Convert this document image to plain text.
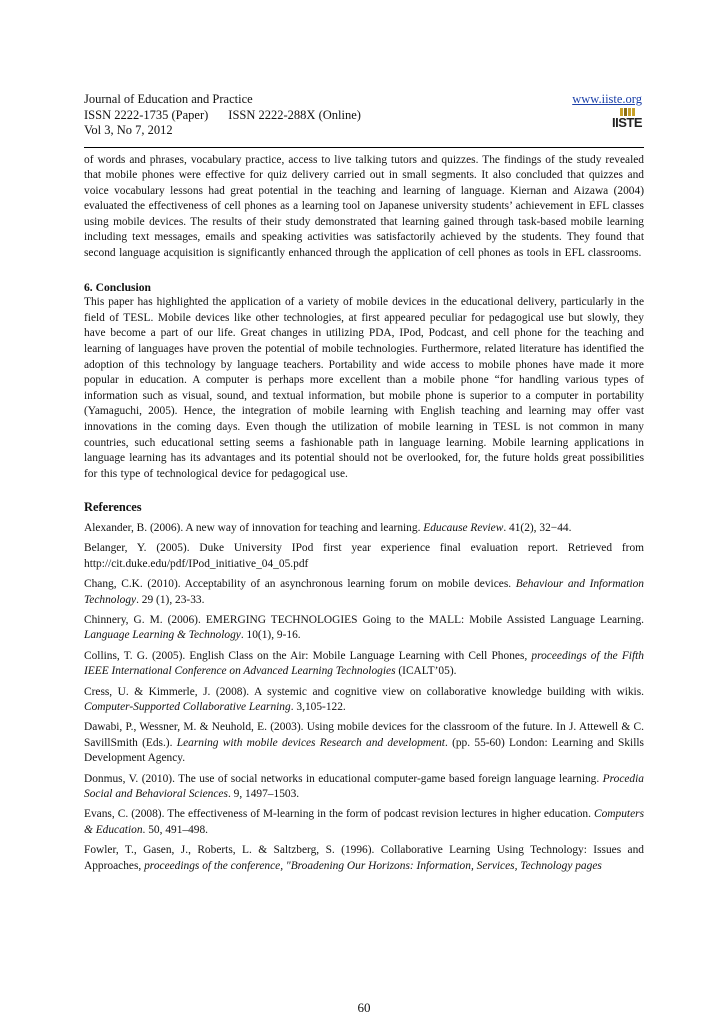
Journal of Education and Practice	www.iiste.org
ISSN 2222-1735 (Paper) ISSN 2222-288X (Online)
Vol 3, No 7, 2012	IISTE

of words and phrases, vocabulary practice, access to live talking tutors and quizzes. The findings of the study revealed that mobile phones were effective for quiz delivery carried out in small segments. It also concluded that quizzes and voice vocabulary lessons had great potential in the teaching and learning of language. Kiernan and Aizawa (2004) evaluated the effectiveness of cell phones as a learning tool on Japanese university students’ achievement in EFL classes using mobile devices. The results of their study demonstrated that learning gained through task-based mobile learning including text messages, emails and speaking activities was satisfactorily achieved by the students. They found that second language acquisition is significantly enhanced through the application of cell phones as tools in EFL classrooms.

6. Conclusion

This paper has highlighted the application of a variety of mobile devices in the educational delivery, particularly in the field of TESL. Mobile devices like other technologies, at first appeared peculiar for pedagogical use but slowly, they have become a part of our life. Great changes in utilizing PDA, IPod, Podcast, and cell phone for the teaching and learning of languages have proven the potential of mobile technologies. Furthermore, related literature has identified the adoption of this technology by language teachers. Portability and wide access to mobile phones have made it more popular in education. A computer is perhaps more excellent than a mobile phone “for handling various types of information such as visual, sound, and textual information, but mobile phone is superior to a computer in portability (Yamaguchi, 2005). Hence, the integration of mobile learning with English teaching and learning may offer vast innovations in the coming days. Even though the utilization of mobile learning in TESL is not common in many countries, such educational setting seems a fashionable path in language learning. Mobile learning applications in language learning has its advantages and its potential should not be overlooked, for, the future holds great possibilities for this type of technological device for pedagogical use.

References
Alexander, B. (2006). A new way of innovation for teaching and learning. Educause Review. 41(2), 32−44.
Belanger, Y. (2005). Duke University IPod first year experience final evaluation report. Retrieved from http://cit.duke.edu/pdf/IPod_initiative_04_05.pdf
Chang, C.K. (2010). Acceptability of an asynchronous learning forum on mobile devices. Behaviour and Information Technology. 29 (1), 23-33.
Chinnery, G. M. (2006). EMERGING TECHNOLOGIES Going to the MALL: Mobile Assisted Language Learning. Language Learning & Technology. 10(1), 9-16.
Collins, T. G. (2005). English Class on the Air: Mobile Language Learning with Cell Phones, proceedings of the Fifth IEEE International Conference on Advanced Learning Technologies (ICALT’05).
Cress, U. & Kimmerle, J. (2008). A systemic and cognitive view on collaborative knowledge building with wikis. Computer-Supported Collaborative Learning. 3,105-122.
Dawabi, P., Wessner, M. & Neuhold, E. (2003). Using mobile devices for the classroom of the future. In J. Attewell & C. SavillSmith (Eds.). Learning with mobile devices Research and development. (pp. 55-60) London: Learning and Skills Development Agency.
Donmus, V. (2010). The use of social networks in educational computer-game based foreign language learning. Procedia Social and Behavioral Sciences. 9, 1497–1503.
Evans, C. (2008). The effectiveness of M-learning in the form of podcast revision lectures in higher education. Computers & Education. 50, 491–498.
Fowler, T., Gasen, J., Roberts, L. & Saltzberg, S. (1996). Collaborative Learning Using Technology: Issues and Approaches, proceedings of the conference, "Broadening Our Horizons: Information, Services, Technology pages
60
